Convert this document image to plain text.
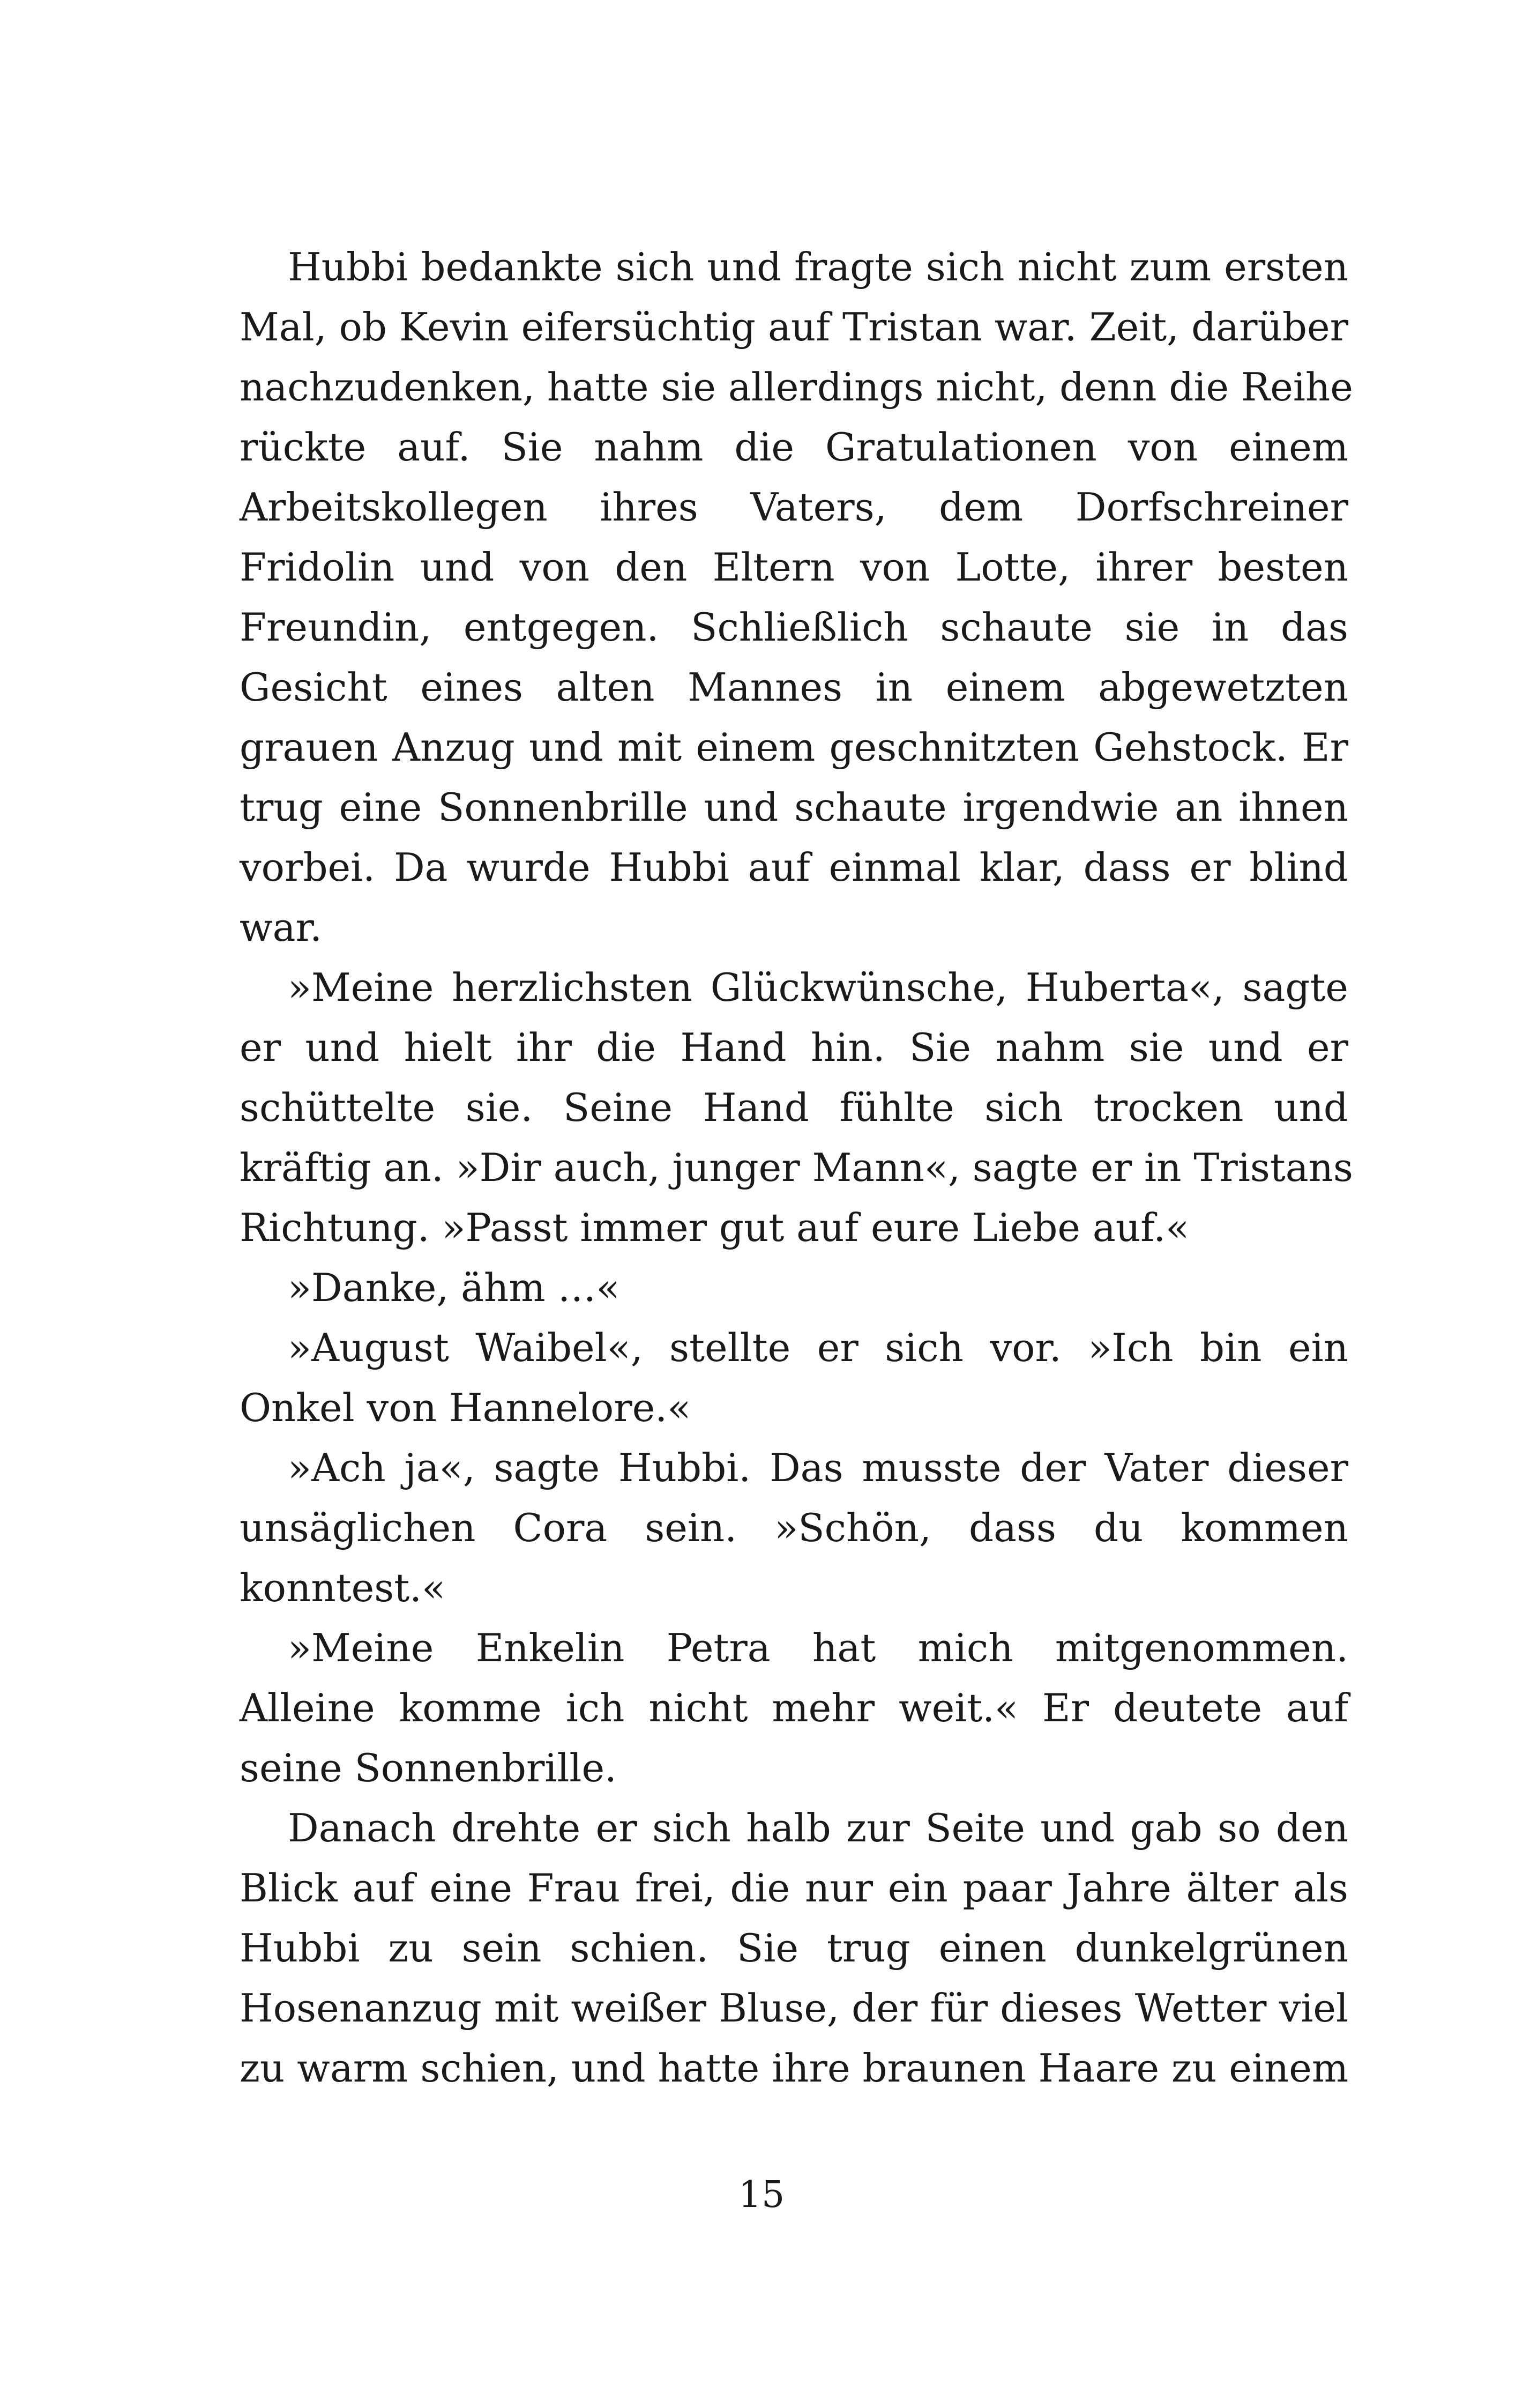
Hubbi bedankte sich und fragte sich nicht zum ersten
Mal, ob Kevin eifersüchtig auf Tristan war. Zeit, darüber
nachzudenken, hatte sie allerdings nicht, denn die Reihe
rückte auf. Sie nahm die Gratulationen von einem
Arbeitskollegen ihres Vaters, dem Dorfschreiner
Fridolin und von den Eltern von Lotte, ihrer besten
Freundin, entgegen. Schließlich schaute sie in das
Gesicht eines alten Mannes in einem abgewetzten
grauen Anzug und mit einem geschnitzten Gehstock. Er
trug eine Sonnenbrille und schaute irgendwie an ihnen
vorbei. Da wurde Hubbi auf einmal klar, dass er blind
war.
»Meine herzlichsten Glückwünsche, Huberta«, sagte
er und hielt ihr die Hand hin. Sie nahm sie und er
schüttelte sie. Seine Hand fühlte sich trocken und
kräftig an. »Dir auch, junger Mann«, sagte er in Tristans
Richtung. »Passt immer gut auf eure Liebe auf.«
»Danke, ähm …«
»August Waibel«, stellte er sich vor. »Ich bin ein
Onkel von Hannelore.«
»Ach ja«, sagte Hubbi. Das musste der Vater dieser
unsäglichen Cora sein. »Schön, dass du kommen
konntest.«
»Meine Enkelin Petra hat mich mitgenommen.
Alleine komme ich nicht mehr weit.« Er deutete auf
seine Sonnenbrille.
Danach drehte er sich halb zur Seite und gab so den
Blick auf eine Frau frei, die nur ein paar Jahre älter als
Hubbi zu sein schien. Sie trug einen dunkelgrünen
Hosenanzug mit weißer Bluse, der für dieses Wetter viel
zu warm schien, und hatte ihre braunen Haare zu einem
15
